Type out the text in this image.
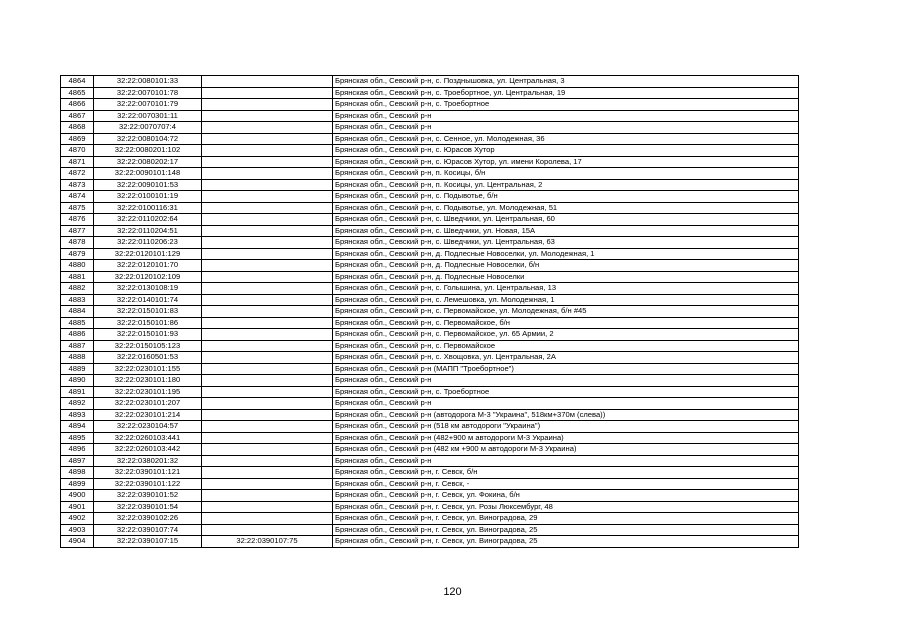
4864	32:22:0080101:33		Брянская обл., Севский р-н, с. Позднышовка, ул. Центральная, 3
4865	32:22:0070101:78		Брянская обл., Севский р-н, с. Троебортное, ул. Центральная, 19
4866	32:22:0070101:79		Брянская обл., Севский р-н, с. Троебортное
4867	32:22:0070301:11		Брянская обл., Севский р-н
4868	32:22:0070707:4		Брянская обл., Севский р-н
4869	32:22:0080104:72		Брянская обл., Севский р-н, с. Сенное, ул. Молодежная, 36
4870	32:22:0080201:102		Брянская обл., Севский р-н, с. Юрасов Хутор
4871	32:22:0080202:17		Брянская обл., Севский р-н, с. Юрасов Хутор, ул. имени Королева, 17
4872	32:22:0090101:148		Брянская обл., Севский р-н, п. Косицы, б/н
4873	32:22:0090101:53		Брянская обл., Севский р-н, п. Косицы, ул. Центральная, 2
4874	32:22:0100101:19		Брянская обл., Севский р-н, с. Подывотье, б/н
4875	32:22:0100116:31		Брянская обл., Севский р-н, с. Подывотье, ул. Молодежная, 51
4876	32:22:0110202:64		Брянская обл., Севский р-н, с. Шведчики, ул. Центральная, 60
4877	32:22:0110204:51		Брянская обл., Севский р-н, с. Шведчики, ул. Новая, 15А
4878	32:22:0110206:23		Брянская обл., Севский р-н, с. Шведчики, ул. Центральная, 63
4879	32:22:0120101:129		Брянская обл., Севский р-н, д. Подлесные Новоселки, ул. Молодежная, 1
4880	32:22:0120101:70		Брянская обл., Севский р-н, д. Подлесные Новоселки, б/н
4881	32:22:0120102:109		Брянская обл., Севский р-н, д. Подлесные Новоселки
4882	32:22:0130108:19		Брянская обл., Севский р-н, с. Голышина, ул. Центральная, 13
4883	32:22:0140101:74		Брянская обл., Севский р-н, с. Лемешовка, ул. Молодежная, 1
4884	32:22:0150101:83		Брянская обл., Севский р-н, с. Первомайское, ул. Молодежная, б/н #45
4885	32:22:0150101:86		Брянская обл., Севский р-н, с. Первомайское, б/н
4886	32:22:0150101:93		Брянская обл., Севский р-н, с. Первомайское, ул. 65 Армии, 2
4887	32:22:0150105:123		Брянская обл., Севский р-н, с. Первомайское
4888	32:22:0160501:53		Брянская обл., Севский р-н, с. Хвощовка, ул. Центральная, 2А
4889	32:22:0230101:155		Брянская обл., Севский р-н (МАПП "Троебортное")
4890	32:22:0230101:180		Брянская обл., Севский р-н
4891	32:22:0230101:195		Брянская обл., Севский р-н, с. Троебортное
4892	32:22:0230101:207		Брянская обл., Севский р-н
4893	32:22:0230101:214		Брянская обл., Севский р-н (автодорога М-3 "Украина", 518км+370м (слева))
4894	32:22:0230104:57		Брянская обл., Севский р-н (518 км автодороги "Украина")
4895	32:22:0260103:441		Брянская обл., Севский р-н (482+900 м автодороги М-3 Украина)
4896	32:22:0260103:442		Брянская обл., Севский р-н (482 км +900 м автодороги М-3 Украина)
4897	32:22:0380201:32		Брянская обл., Севский р-н
4898	32:22:0390101:121		Брянская обл., Севский р-н, г. Севск, б/н
4899	32:22:0390101:122		Брянская обл., Севский р-н, г. Севск, -
4900	32:22:0390101:52		Брянская обл., Севский р-н, г. Севск, ул. Фокина, б/н
4901	32:22:0390101:54		Брянская обл., Севский р-н, г. Севск, ул. Розы Люксембург, 48
4902	32:22:0390102:26		Брянская обл., Севский р-н, г. Севск, ул. Виноградова, 29
4903	32:22:0390107:74		Брянская обл., Севский р-н, г. Севск, ул. Виноградова, 25
4904	32:22:0390107:15	32:22:0390107:75	Брянская обл., Севский р-н, г. Севск, ул. Виноградова, 25
120
